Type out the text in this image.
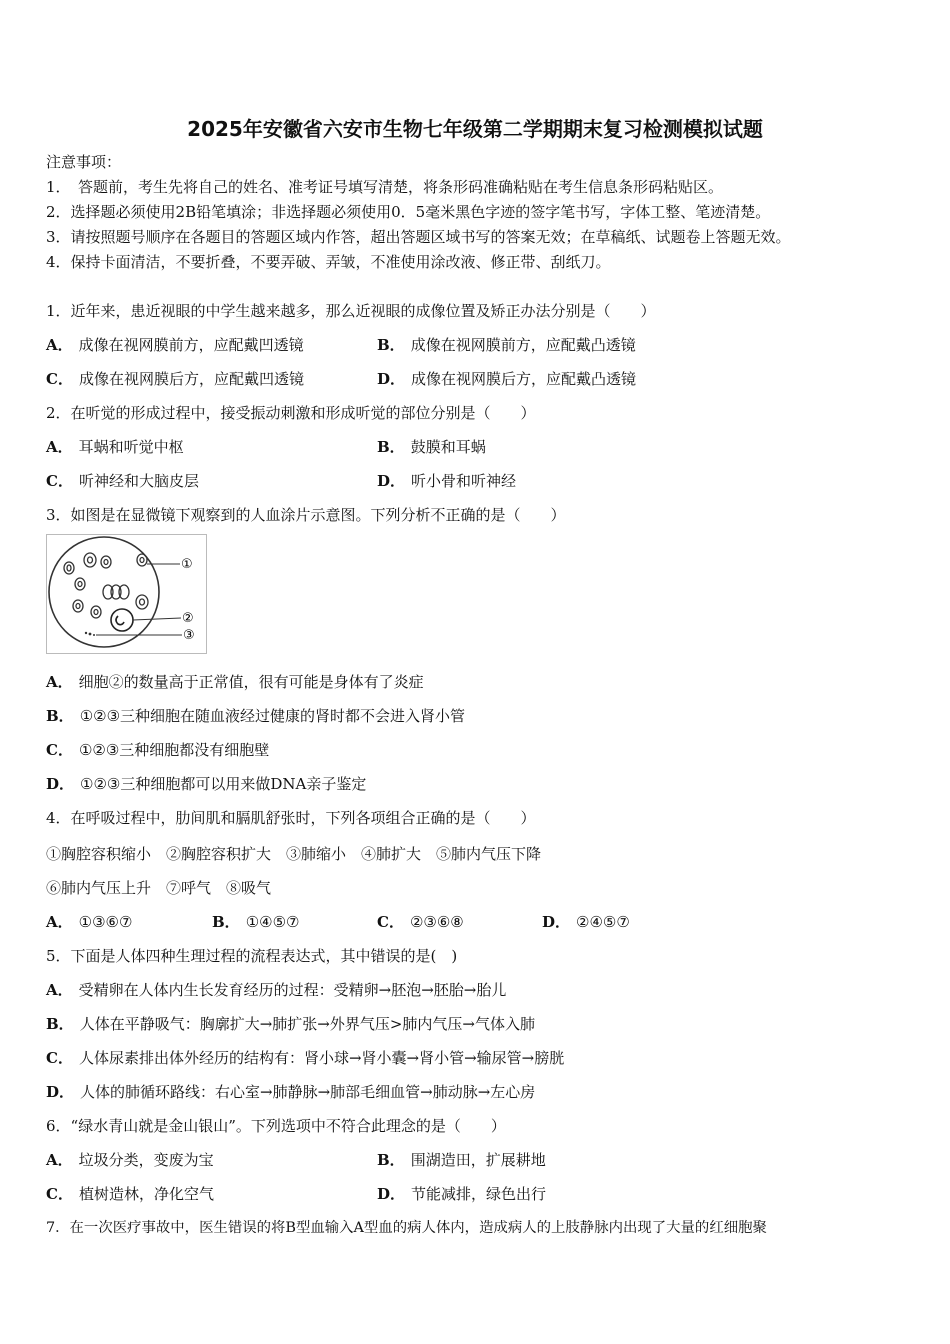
2025年安徽省六安市生物七年级第二学期期末复习检测模拟试题
注意事项：
1．　答题前，考生先将自己的姓名、准考证号填写清楚，将条形码准确粘贴在考生信息条形码粘贴区。
2．选择题必须使用2B铅笔填涂；非选择题必须使用0．5毫米黑色字迹的签字笔书写，字体工整、笔迹清楚。
3．请按照题号顺序在各题目的答题区域内作答，超出答题区域书写的答案无效；在草稿纸、试题卷上答题无效。
4．保持卡面清洁，不要折叠，不要弄破、弄皱，不准使用涂改液、修正带、刮纸刀。
1．近年来，患近视眼的中学生越来越多，那么近视眼的成像位置及矫正办法分别是（　　）
A． 成像在视网膜前方，应配戴凹透镜	B． 成像在视网膜前方，应配戴凸透镜
C． 成像在视网膜后方，应配戴凹透镜	D． 成像在视网膜后方，应配戴凸透镜
2．在听觉的形成过程中，接受振动刺激和形成听觉的部位分别是（　　）
A． 耳蜗和听觉中枢	B． 鼓膜和耳蜗
C． 听神经和大脑皮层	D． 听小骨和听神经
3．如图是在显微镜下观察到的人血涂片示意图。下列分析不正确的是（　　）
①
②
③
A． 细胞②的数量高于正常值，很有可能是身体有了炎症
B． ①②③三种细胞在随血液经过健康的肾时都不会进入肾小管
C． ①②③三种细胞都没有细胞壁
D． ①②③三种细胞都可以用来做DNA亲子鉴定
4．在呼吸过程中，肋间肌和膈肌舒张时，下列各项组合正确的是（　　）
①胸腔容积缩小　②胸腔容积扩大　③肺缩小　④肺扩大　⑤肺内气压下降
⑥肺内气压上升　⑦呼气　⑧吸气
A． ①③⑥⑦	B． ①④⑤⑦	C． ②③⑥⑧	D． ②④⑤⑦
5．下面是人体四种生理过程的流程表达式，其中错误的是(　)
A． 受精卵在人体内生长发育经历的过程：受精卵→胚泡→胚胎→胎儿
B． 人体在平静吸气：胸廓扩大→肺扩张→外界气压>肺内气压→气体入肺
C． 人体尿素排出体外经历的结构有：肾小球→肾小囊→肾小管→输尿管→膀胱
D． 人体的肺循环路线：右心室→肺静脉→肺部毛细血管→肺动脉→左心房
6．“绿水青山就是金山银山”。下列选项中不符合此理念的是（　　）
A． 垃圾分类，变废为宝	B． 围湖造田，扩展耕地
C． 植树造林，净化空气	D． 节能减排，绿色出行
7．在一次医疗事故中，医生错误的将B型血输入A型血的病人体内，造成病人的上肢静脉内出现了大量的红细胞聚
